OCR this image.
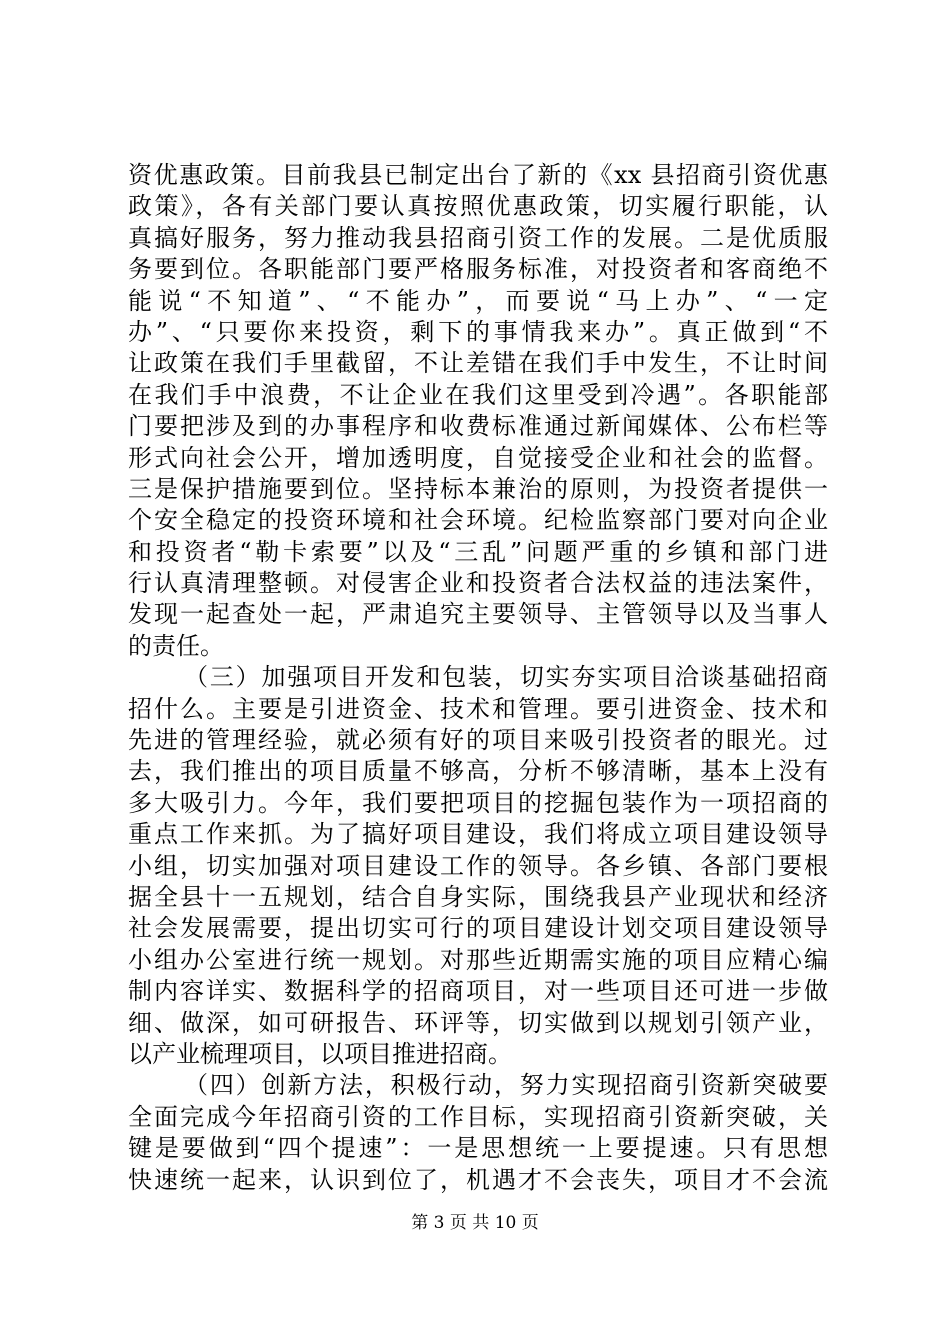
资优惠政策。目前我县已制定出台了新的《xx 县招商引资优惠
政策》，各有关部门要认真按照优惠政策，切实履行职能，认
真搞好服务，努力推动我县招商引资工作的发展。二是优质服
务要到位。各职能部门要严格服务标准，对投资者和客商绝不
能说“不知道”、“不能办”，而要说“马上办”、“一定
办”、“只要你来投资，剩下的事情我来办”。真正做到“不
让政策在我们手里截留，不让差错在我们手中发生，不让时间
在我们手中浪费，不让企业在我们这里受到冷遇”。各职能部
门要把涉及到的办事程序和收费标准通过新闻媒体、公布栏等
形式向社会公开，增加透明度，自觉接受企业和社会的监督。
三是保护措施要到位。坚持标本兼治的原则，为投资者提供一
个安全稳定的投资环境和社会环境。纪检监察部门要对向企业
和投资者“勒卡索要”以及“三乱”问题严重的乡镇和部门进
行认真清理整顿。对侵害企业和投资者合法权益的违法案件，
发现一起查处一起，严肃追究主要领导、主管领导以及当事人
的责任。
（三）加强项目开发和包装，切实夯实项目洽谈基础招商
招什么。主要是引进资金、技术和管理。要引进资金、技术和
先进的管理经验，就必须有好的项目来吸引投资者的眼光。过
去，我们推出的项目质量不够高，分析不够清晰，基本上没有
多大吸引力。今年，我们要把项目的挖掘包装作为一项招商的
重点工作来抓。为了搞好项目建设，我们将成立项目建设领导
小组，切实加强对项目建设工作的领导。各乡镇、各部门要根
据全县十一五规划，结合自身实际，围绕我县产业现状和经济
社会发展需要，提出切实可行的项目建设计划交项目建设领导
小组办公室进行统一规划。对那些近期需实施的项目应精心编
制内容详实、数据科学的招商项目，对一些项目还可进一步做
细、做深，如可研报告、环评等，切实做到以规划引领产业，
以产业梳理项目，以项目推进招商。
（四）创新方法，积极行动，努力实现招商引资新突破要
全面完成今年招商引资的工作目标，实现招商引资新突破，关
键是要做到“四个提速”：一是思想统一上要提速。只有思想
快速统一起来，认识到位了，机遇才不会丧失，项目才不会流
第 3 页 共 10 页
